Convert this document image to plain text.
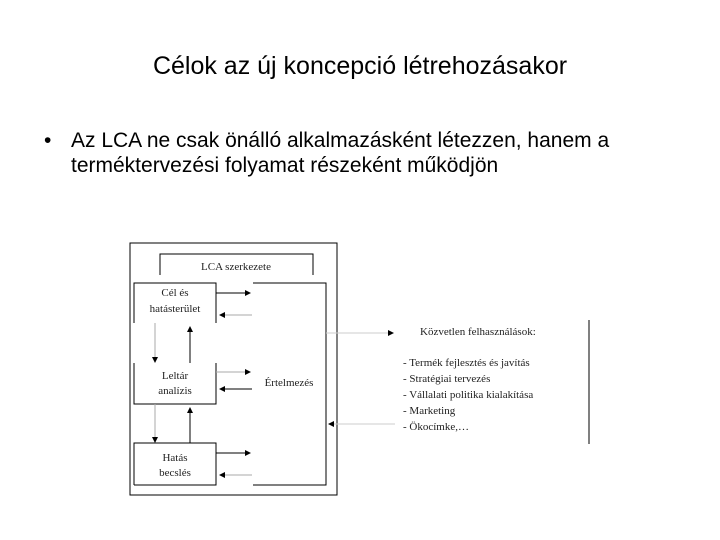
Célok az új koncepció létrehozásakor
• Az LCA ne csak önálló alkalmazásként létezzen, hanem a terméktervezési folyamat részeként működjön
LCA szerkezete
Cél és
hatásterület
Leltár
analízis
Hatás
becslés
Értelmezés
Közvetlen felhasználások:
- Termék fejlesztés és javítás
- Stratégiai tervezés
- Vállalati politika kialakítása
- Marketing
- Ökocímke,…
